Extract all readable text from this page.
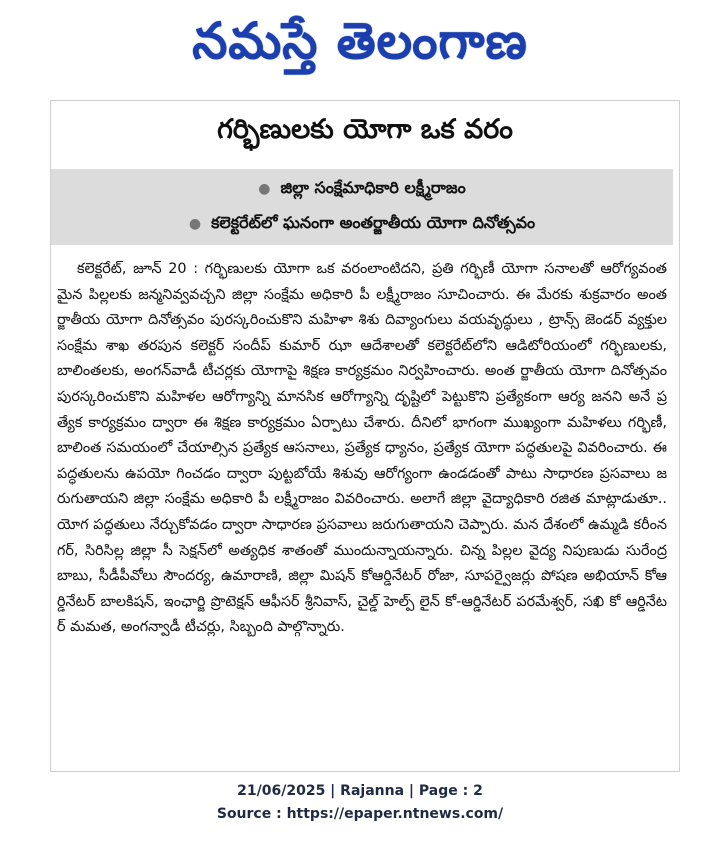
నమస్తే తెలంగాణ
గర్భిణులకు యోగా ఒక వరం
● జిల్లా సంక్షేమాధికారి లక్ష్మీరాజం
● కలెక్టరేట్‌లో ఘనంగా అంతర్జాతీయ యోగా దినోత్సవం
కలెక్టరేట్, జూన్ 20 : గర్భిణులకు యోగా ఒక వరంలాంటిదని, ప్రతి గర్భిణీ యోగా సనాలతో ఆరోగ్యవంతమైన పిల్లలకు జన్మనివ్వవచ్చని జిల్లా సంక్షేమ అధికారి పీ లక్ష్మీరాజం సూచించారు. ఈ మేరకు శుక్రవారం అంతర్జాతీయ యోగా దినోత్సవం పురస్కరించుకొని మహిళా శిశు దివ్యాంగులు వయవృద్ధులు , ట్రాన్స్ జెండర్ వ్యక్తుల సంక్షేమ శాఖ తరపున కలెక్టర్ సందీప్ కుమార్ ఝా ఆదేశాలతో కలెక్టరేట్‌లోని ఆడిటోరియంలో గర్భిణులకు, బాలింతలకు, అంగన్‌వాడీ టీచర్లకు యోగాపై శిక్షణ కార్యక్రమం నిర్వహించారు. అంత ర్జాతీయ యోగా దినోత్సవం పురస్కరించుకొని మహిళల ఆరోగ్యాన్ని మానసిక ఆరోగ్యాన్ని దృష్టిలో పెట్టుకొని ప్రత్యేకంగా ఆర్య జనని అనే ప్రత్యేక కార్యక్రమం ద్వారా ఈ శిక్షణ కార్యక్రమం ఏర్పాటు చేశారు. దీనిలో భాగంగా ముఖ్యంగా మహిళలు గర్భిణీ, బాలింత సమయంలో చేయాల్సిన ప్రత్యేక ఆసనాలు, ప్రత్యేక ధ్యానం, ప్రత్యేక యోగా పద్ధతులపై వివరించారు. ఈ పద్ధతులను ఉపయో గించడం ద్వారా పుట్టబోయే శిశువు ఆరోగ్యంగా ఉండడంతో పాటు సాధారణ ప్రసవాలు జరుగుతాయని జిల్లా సంక్షేమ అధికారి పీ లక్ష్మీరాజం వివరించారు. అలాగే జిల్లా వైద్యాధికారి రజిత మాట్లాడుతూ.. యోగ పద్ధతులు నేర్చుకోవడం ద్వారా సాధారణ ప్రసవాలు జరుగుతాయని చెప్పారు. మన దేశంలో ఉమ్మడి కరీంనగర్, సిరిసిల్ల జిల్లా సీ సెక్షన్‌లో అత్యధిక శాతంతో ముందున్నాయన్నారు. చిన్న పిల్లల వైద్య నిపుణుడు సురేంద్రబాబు, సీడీపీవోలు సౌందర్య, ఉమారాణి, జిల్లా మిషన్ కోఆర్డినేటర్ రోజా, సూపర్వైజర్లు పోషణ అభియాన్ కోఆర్డినేటర్ బాలకిషన్, ఇంఛార్జి ప్రొటెక్షన్ ఆఫీసర్ శ్రీనివాస్, చైల్డ్ హెల్ప్ లైన్ కో-ఆర్డినేటర్ పరమేశ్వర్, సఖి కో ఆర్డినేటర్ మమత, అంగన్వాడీ టీచర్లు, సిబ్బంది పాల్గొన్నారు.
21/06/2025 | Rajanna | Page : 2
Source : https://epaper.ntnews.com/
